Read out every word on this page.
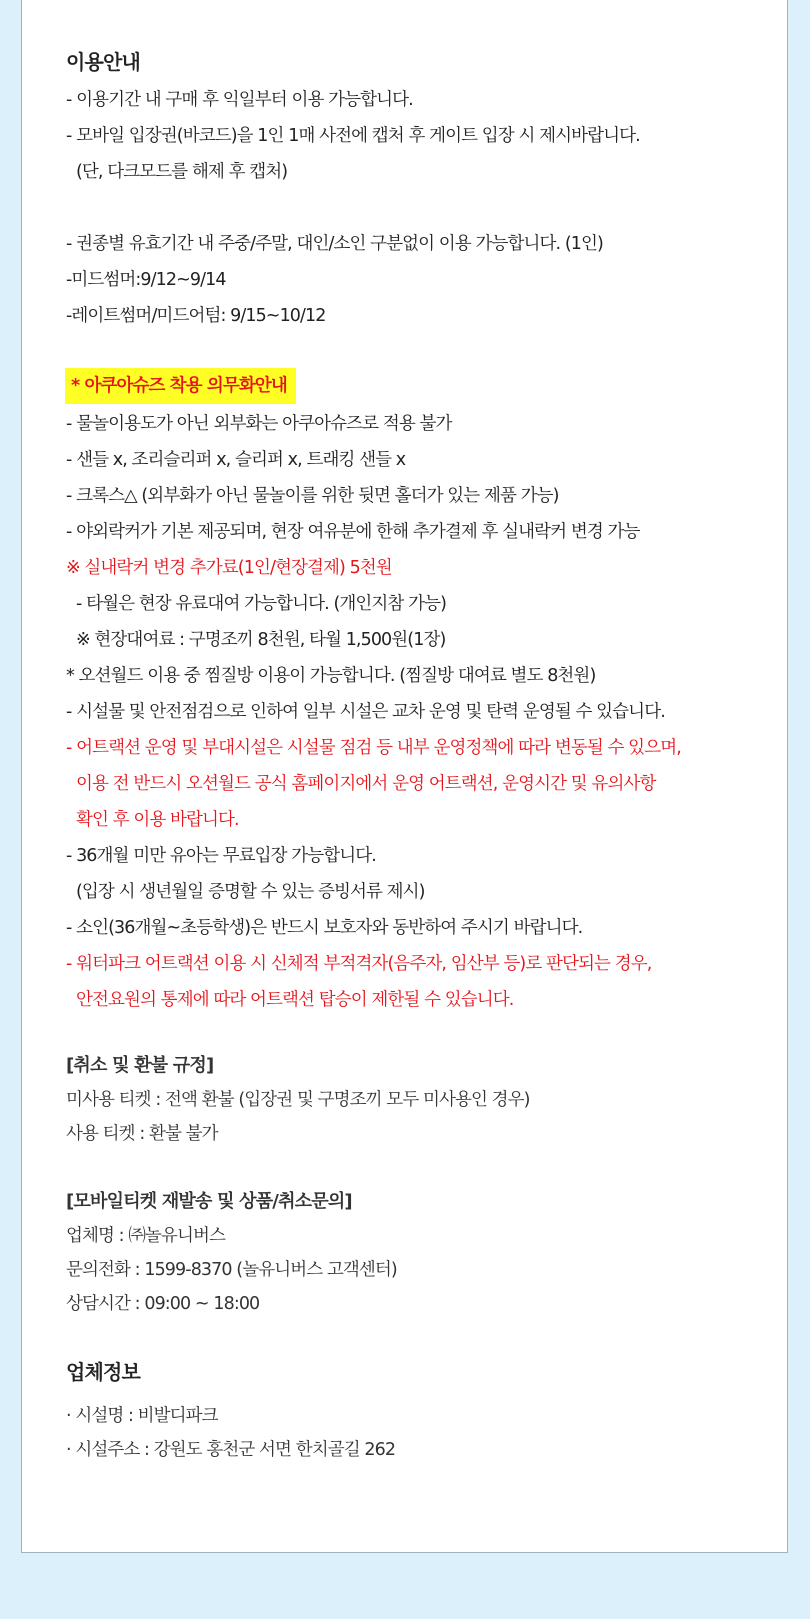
이용안내
- 이용기간 내 구매 후 익일부터 이용 가능합니다.
- 모바일 입장권(바코드)을 1인 1매 사전에 캡처 후 게이트 입장 시 제시바랍니다.
(단, 다크모드를 해제 후 캡처)
- 권종별 유효기간 내 주중/주말, 대인/소인 구분없이 이용 가능합니다. (1인)
-미드썸머:9/12~9/14
-레이트썸머/미드어텀: 9/15~10/12
* 아쿠아슈즈 착용 의무화안내
- 물놀이용도가 아닌 외부화는 아쿠아슈즈로 적용 불가
- 샌들 x, 조리슬리퍼 x, 슬리퍼 x, 트래킹 샌들 x
- 크록스△ (외부화가 아닌 물놀이를 위한 뒷면 홀더가 있는 제품 가능)
- 야외락커가 기본 제공되며, 현장 여유분에 한해 추가결제 후 실내락커 변경 가능
※ 실내락커 변경 추가료(1인/현장결제) 5천원
- 타월은 현장 유료대여 가능합니다. (개인지참 가능)
※ 현장대여료 : 구명조끼 8천원, 타월 1,500원(1장)
* 오션월드 이용 중 찜질방 이용이 가능합니다. (찜질방 대여료 별도 8천원)
- 시설물 및 안전점검으로 인하여 일부 시설은 교차 운영 및 탄력 운영될 수 있습니다.
- 어트랙션 운영 및 부대시설은 시설물 점검 등 내부 운영정책에 따라 변동될 수 있으며,
이용 전 반드시 오션월드 공식 홈페이지에서 운영 어트랙션, 운영시간 및 유의사항
확인 후 이용 바랍니다.
- 36개월 미만 유아는 무료입장 가능합니다.
(입장 시 생년월일 증명할 수 있는 증빙서류 제시)
- 소인(36개월~초등학생)은 반드시 보호자와 동반하여 주시기 바랍니다.
- 워터파크 어트랙션 이용 시 신체적 부적격자(음주자, 임산부 등)로 판단되는 경우,
안전요원의 통제에 따라 어트랙션 탑승이 제한될 수 있습니다.
[취소 및 환불 규정]
미사용 티켓 : 전액 환불 (입장권 및 구명조끼 모두 미사용인 경우)
사용 티켓 : 환불 불가
[모바일티켓 재발송 및 상품/취소문의]
업체명 : ㈜놀유니버스
문의전화 : 1599-8370 (놀유니버스 고객센터)
상담시간 : 09:00 ~ 18:00
업체정보
· 시설명 : 비발디파크
· 시설주소 : 강원도 홍천군 서면 한치골길 262
